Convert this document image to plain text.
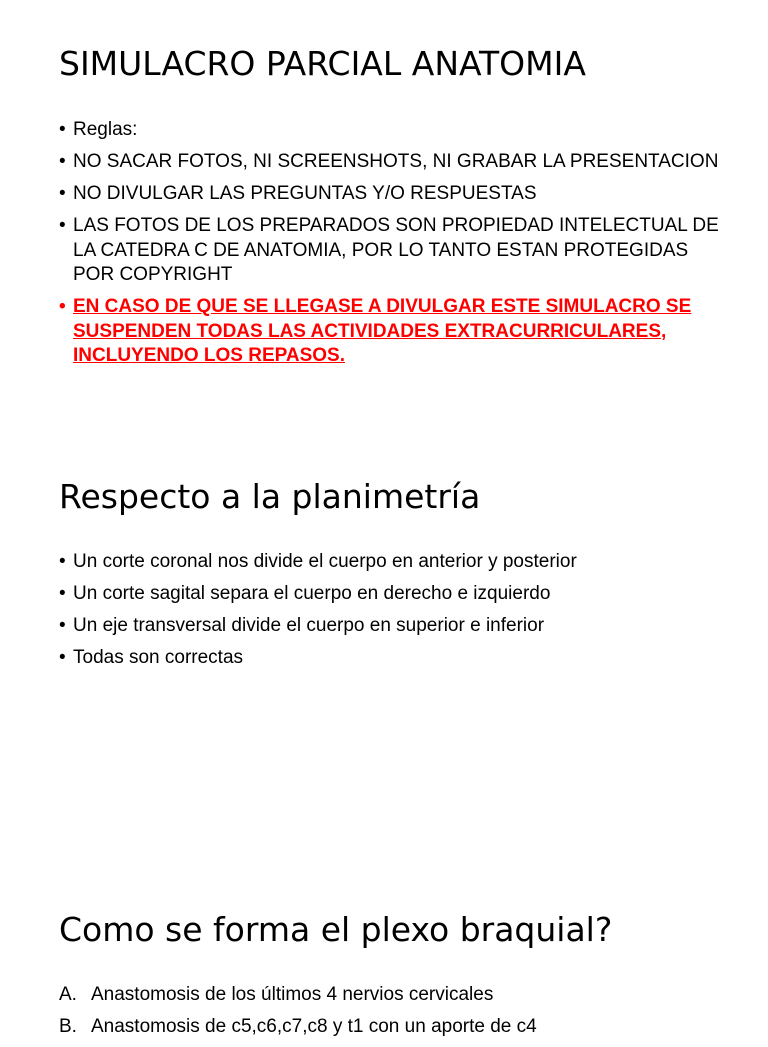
SIMULACRO PARCIAL ANATOMIA
• Reglas:
• NO SACAR FOTOS, NI SCREENSHOTS, NI GRABAR LA PRESENTACION
• NO DIVULGAR LAS PREGUNTAS Y/O RESPUESTAS
• LAS FOTOS DE LOS PREPARADOS SON PROPIEDAD INTELECTUAL DE LA CATEDRA C DE ANATOMIA, POR LO TANTO ESTAN PROTEGIDAS POR COPYRIGHT
• EN CASO DE QUE SE LLEGASE A DIVULGAR ESTE SIMULACRO SE SUSPENDEN TODAS LAS ACTIVIDADES EXTRACURRICULARES, INCLUYENDO LOS REPASOS.
Respecto a la planimetría
• Un corte coronal nos divide el cuerpo en anterior y posterior
• Un corte sagital separa el cuerpo en derecho e izquierdo
• Un eje transversal divide el cuerpo en superior e inferior
• Todas son correctas
Como se forma el plexo braquial?
A. Anastomosis de los últimos 4 nervios cervicales
B. Anastomosis de c5,c6,c7,c8 y t1 con un aporte de c4
